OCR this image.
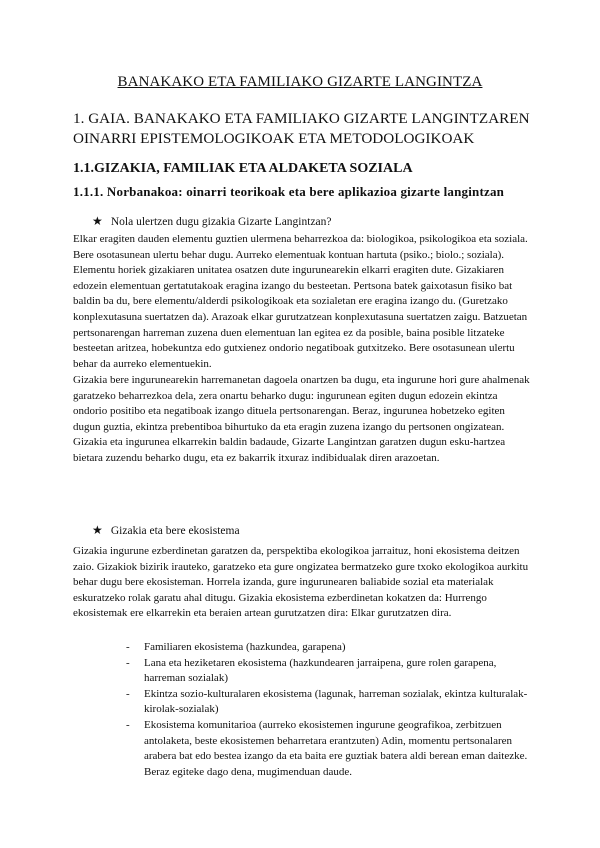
BANAKAKO ETA FAMILIAKO GIZARTE LANGINTZA
1. GAIA. BANAKAKO ETA FAMILIAKO GIZARTE LANGINTZAREN OINARRI EPISTEMOLOGIKOAK ETA METODOLOGIKOAK
1.1.GIZAKIA, FAMILIAK ETA ALDAKETA SOZIALA
1.1.1. Norbanakoa: oinarri teorikoak eta bere aplikazioa gizarte langintzan
★ Nola ulertzen dugu gizakia Gizarte Langintzan?
Elkar eragiten dauden elementu guztien ulermena beharrezkoa da: biologikoa, psikologikoa eta soziala. Bere osotasunean ulertu behar dugu. Aurreko elementuak kontuan hartuta (psiko.; biolo.; soziala). Elementu horiek gizakiaren unitatea osatzen dute ingurunearekin elkarri eragiten dute. Gizakiaren edozein elementuan gertatutakoak eragina izango du besteetan. Pertsona batek gaixotasun fisiko bat baldin ba du, bere elementu/alderdi psikologikoak eta sozialetan ere eragina izango du. (Guretzako konplexutasuna suertatzen da). Arazoak elkar gurutzatzean konplexutasuna suertatzen zaigu. Batzuetan pertsonarengan harreman zuzena duen elementuan lan egitea ez da posible, baina posible litzateke besteetan aritzea, hobekuntza edo gutxienez ondorio negatiboak gutxitzeko. Bere osotasunean ulertu behar da aurreko elementuekin.
Gizakia bere ingurunearekin harremanetan dagoela onartzen ba dugu, eta ingurune hori gure ahalmenak garatzeko beharrezkoa dela, zera onartu beharko dugu: ingurunean egiten dugun edozein ekintza ondorio positibo eta negatiboak izango dituela pertsonarengan. Beraz, ingurunea hobetzeko egiten dugun guztia, ekintza prebentiboa bihurtuko da eta eragin zuzena izango du pertsonen ongizatean. Gizakia eta ingurunea elkarrekin baldin badaude, Gizarte Langintzan garatzen dugun esku-hartzea bietara zuzendu beharko dugu, eta ez bakarrik itxuraz indibidualak diren arazoetan.
★ Gizakia eta bere ekosistema
Gizakia ingurune ezberdinetan garatzen da, perspektiba ekologikoa jarraituz, honi ekosistema deitzen zaio. Gizakiok bizirik irauteko, garatzeko eta gure ongizatea bermatzeko gure txoko ekologikoa aurkitu behar dugu bere ekosisteman. Horrela izanda, gure ingurunearen baliabide sozial eta materialak eskuratzeko rolak garatu ahal ditugu. Gizakia ekosistema ezberdinetan kokatzen da: Hurrengo ekosistemak ere elkarrekin eta beraien artean gurutzatzen dira: Elkar gurutzatzen dira.
- Familiaren ekosistema (hazkundea, garapena)
- Lana eta heziketaren ekosistema (hazkundearen jarraipena, gure rolen garapena, harreman sozialak)
- Ekintza sozio-kulturalaren ekosistema (lagunak, harreman sozialak, ekintza kulturalak-kirolak-sozialak)
- Ekosistema komunitarioa (aurreko ekosistemen ingurune geografikoa, zerbitzuen antolaketa, beste ekosistemen beharretara erantzuten) Adin, momentu pertsonalaren arabera bat edo bestea izango da eta baita ere guztiak batera aldi berean eman daitezke. Beraz egiteke dago dena, mugimenduan daude.
